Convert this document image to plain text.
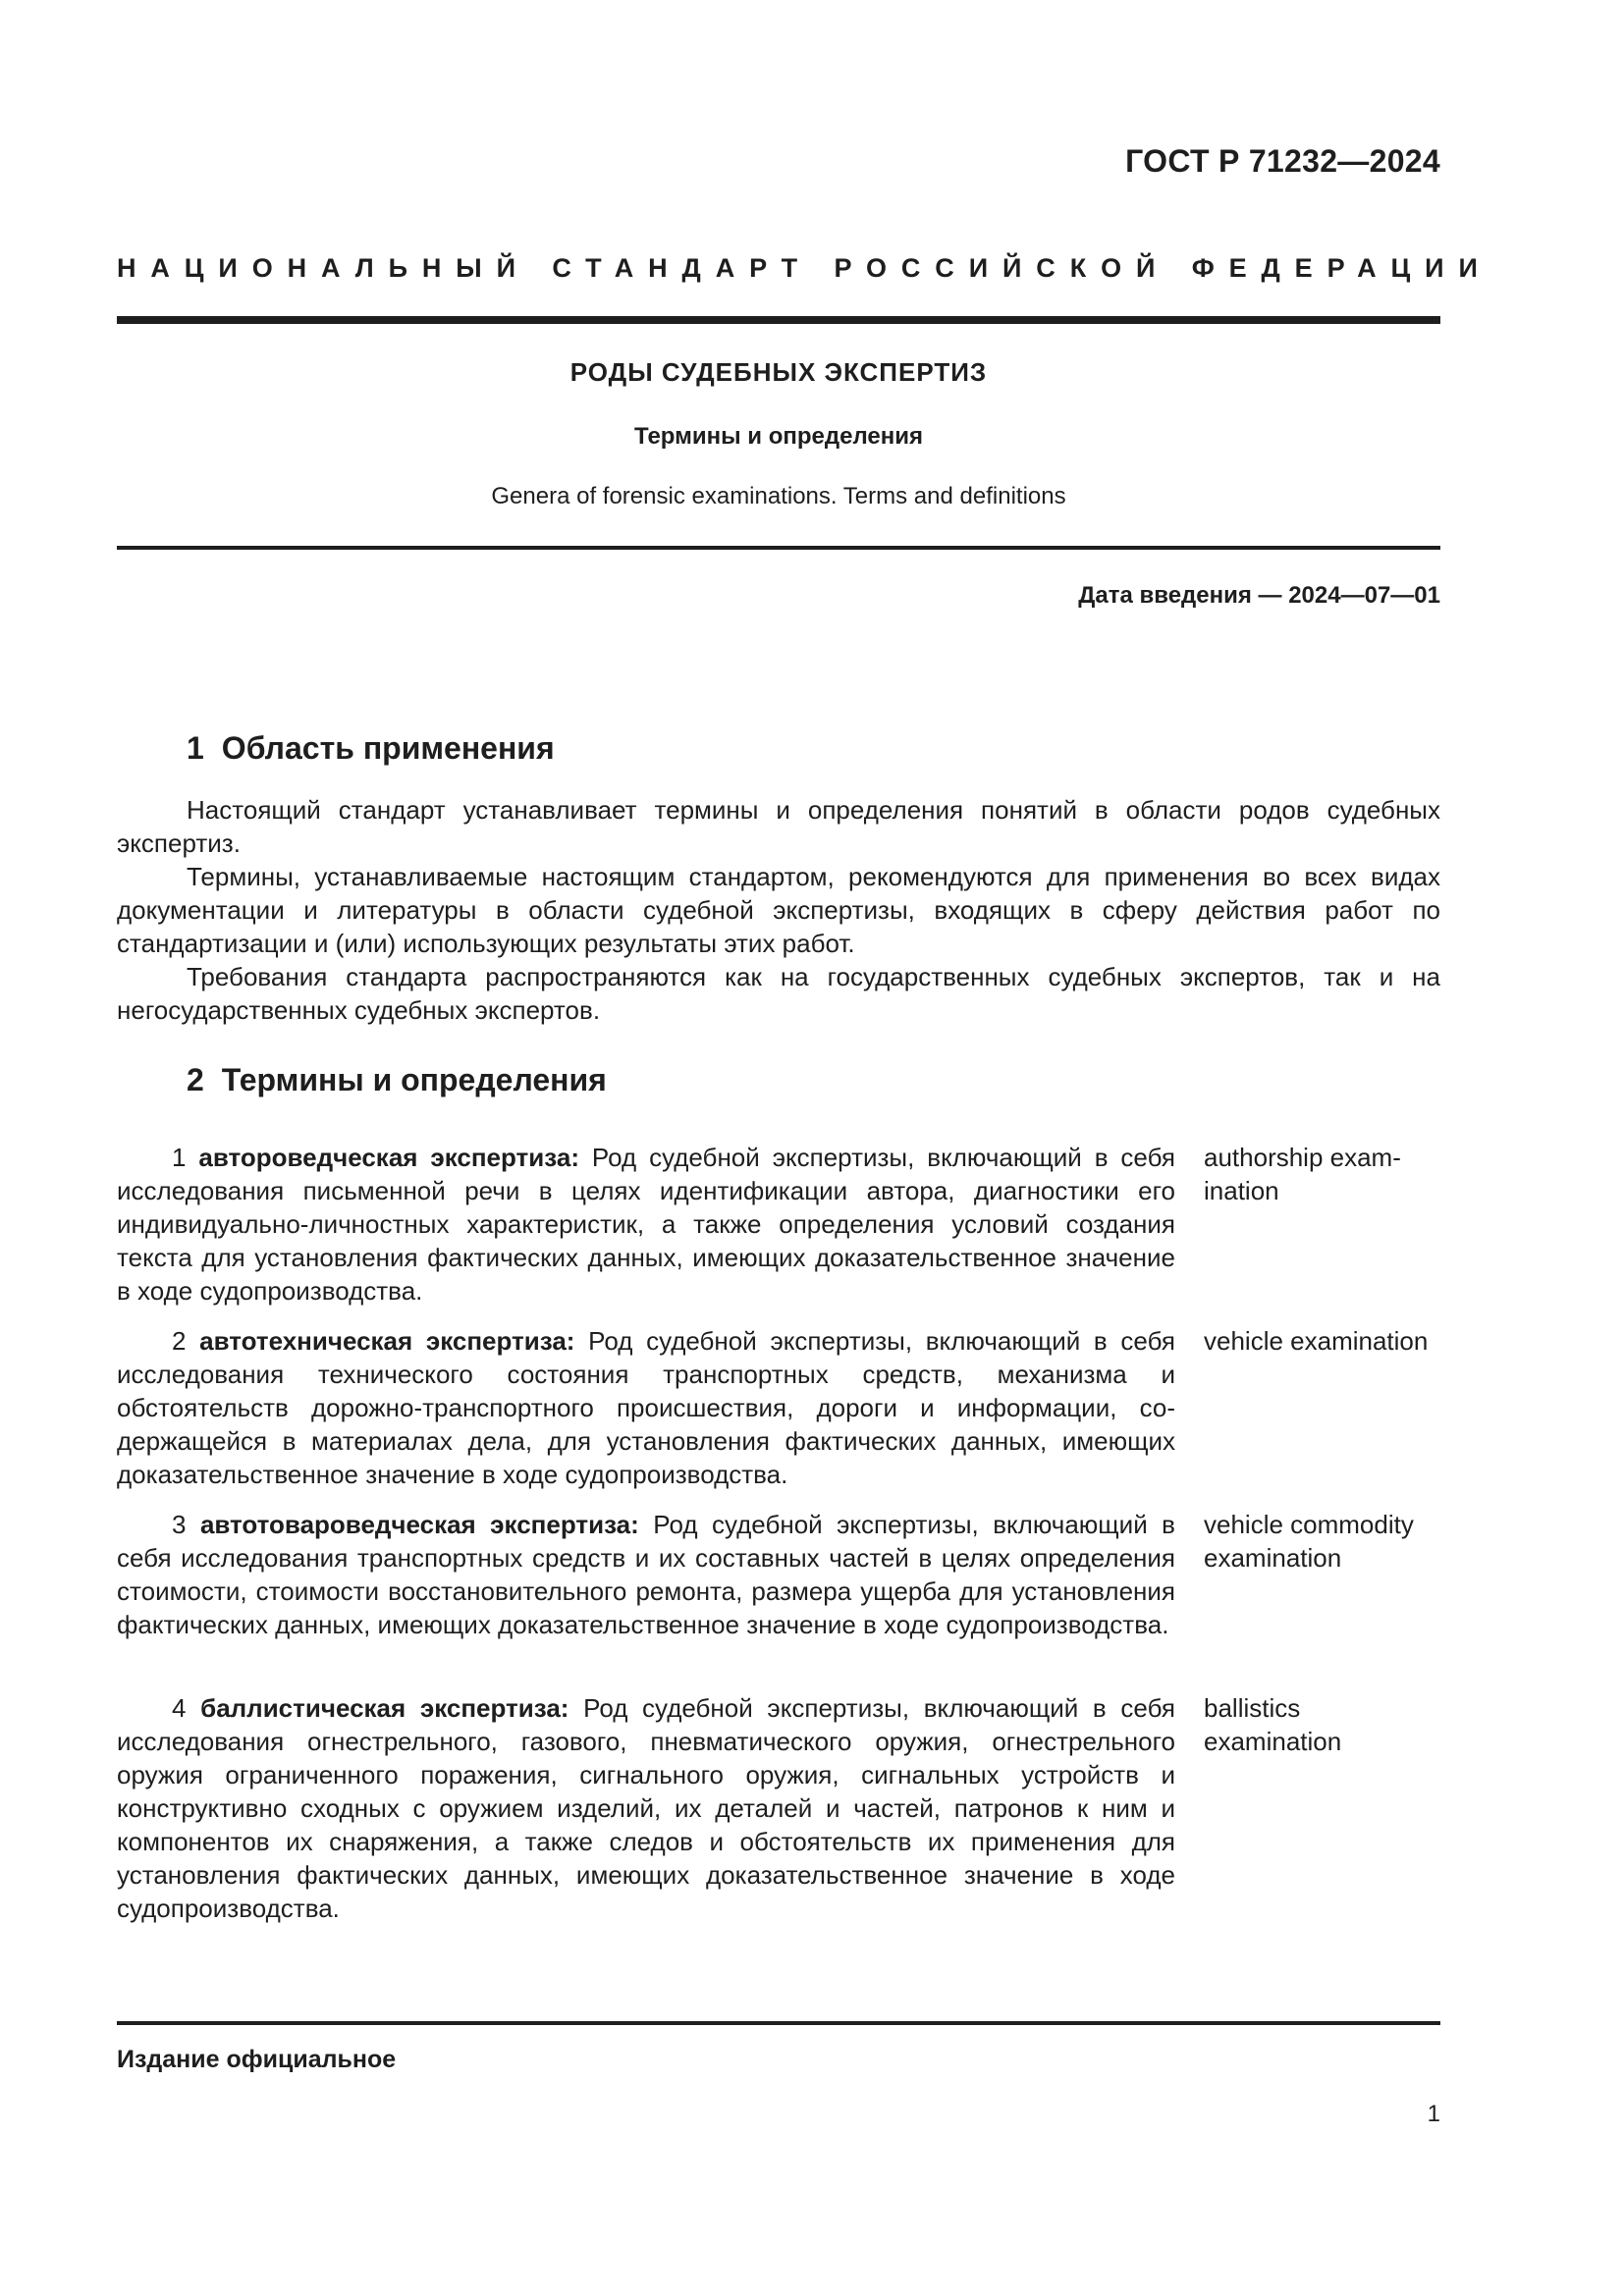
ГОСТ Р 71232—2024
НАЦИОНАЛЬНЫЙ СТАНДАРТ РОССИЙСКОЙ ФЕДЕРАЦИИ
РОДЫ СУДЕБНЫХ ЭКСПЕРТИЗ
Термины и определения
Genera of forensic examinations. Terms and definitions
Дата введения — 2024—07—01
1 Область применения

Настоящий стандарт устанавливает термины и определения понятий в области родов судебных экспертиз.

Термины, устанавливаемые настоящим стандартом, рекомендуются для применения во всех видах документации и литературы в области судебной экспертизы, входящих в сферу действия работ по стандартизации и (или) использующих результаты этих работ.

Требования стандарта распространяются как на государственных судебных экспертов, так и на негосударственных судебных экспертов.

2 Термины и определения
1 автороведческая экспертиза: Род судебной экспертизы, включающий в себя исследования письменной речи в целях идентификации автора, диагностики его индивидуально-личностных характеристик, а также определения условий создания текста для установления фактических данных, имеющих доказательственное значение в ходе судопроизводства.
authorship exam-
ination
2 автотехническая экспертиза: Род судебной экспертизы, включающий в себя исследования технического состояния транспортных средств, механизма и обстоятельств дорожно-транспортного происшествия, дороги и информации, содержащейся в материалах дела, для установления фактических данных, имеющих доказательственное значение в ходе судопроизводства.
vehicle examination
3 автотовароведческая экспертиза: Род судебной экспертизы, включающий в себя исследования транспортных средств и их составных частей в целях определения стоимости, стоимости восстановительного ремонта, размера ущерба для установления фактических данных, имеющих доказательственное значение в ходе судопроизводства.
vehicle commodity
examination
4 баллистическая экспертиза: Род судебной экспертизы, включающий в себя исследования огнестрельного, газового, пневматического оружия, огнестрельного оружия ограниченного поражения, сигнального оружия, сигнальных устройств и конструктивно сходных с оружием изделий, их деталей и частей, патронов к ним и компонентов их снаряжения, а также следов и обстоятельств их применения для установления фактических данных, имеющих доказательственное значение в ходе судопроизводства.
ballistics
examination
Издание официальное
1
